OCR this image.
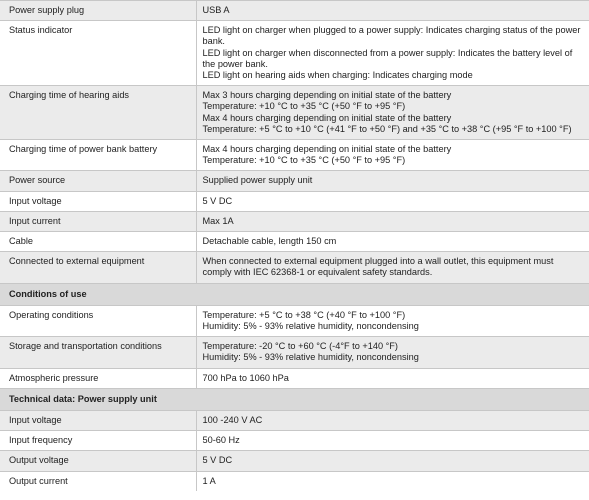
Power supply plug	USB A

Status indicator	LED light on charger when plugged to a power supply: Indicates charging status of the power bank.
LED light on charger when disconnected from a power supply: Indicates the battery level of the power bank.
LED light on hearing aids when charging: Indicates charging mode

Charging time of hearing aids	Max 3 hours charging depending on initial state of the battery
Temperature: +10 °C to +35 °C (+50 °F to +95 °F)
Max 4 hours charging depending on initial state of the battery
Temperature: +5 °C to +10 °C (+41 °F to +50 °F) and +35 °C to +38 °C (+95 °F to +100 °F)

Charging time of power bank battery	Max 4 hours charging depending on initial state of the battery
Temperature: +10 °C to +35 °C (+50 °F to +95 °F)

Power source	Supplied power supply unit

Input voltage	5 V DC

Input current	Max 1A

Cable	Detachable cable, length 150 cm

Connected to external equipment	When connected to external equipment plugged into a wall outlet, this equipment must comply with IEC 62368-1 or equivalent safety standards.

Conditions of use	
Operating conditions	Temperature: +5 °C to +38 °C (+40 °F to +100 °F)
Humidity: 5% - 93% relative humidity, noncondensing

Storage and transportation conditions	Temperature: -20 °C to +60 °C (-4°F to +140 °F)
Humidity: 5% - 93% relative humidity, noncondensing

Atmospheric pressure	700 hPa to 1060 hPa

Technical data: Power supply unit	
Input voltage	100 -240 V AC

Input frequency	50-60 Hz

Output voltage	5 V DC

Output current	1 A
